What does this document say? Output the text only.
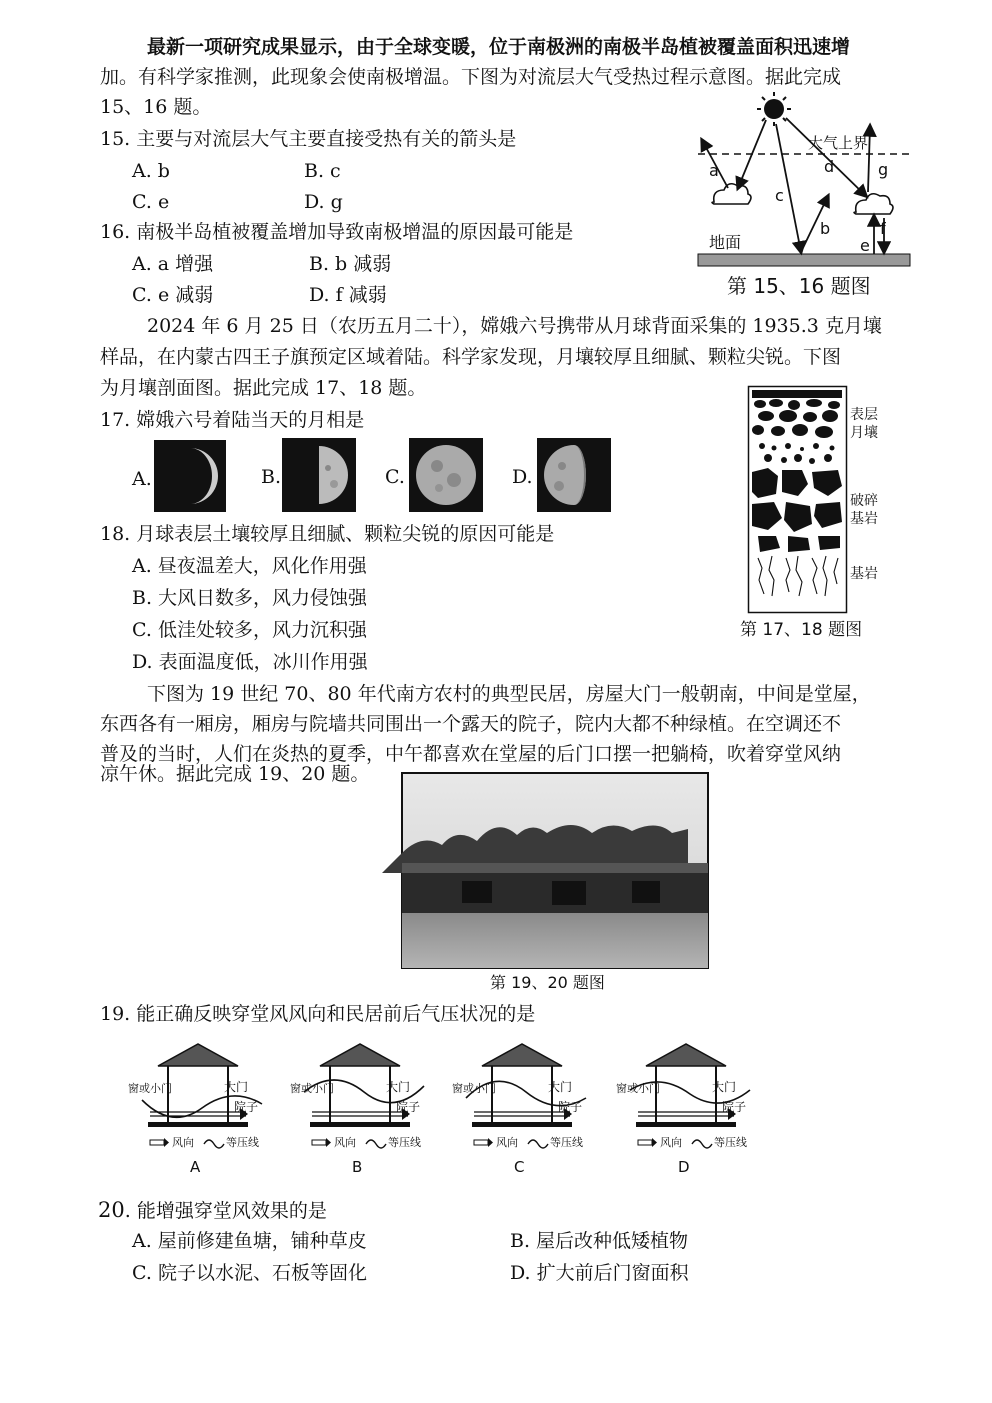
最新一项研究成果显示，由于全球变暖，位于南极洲的南极半岛植被覆盖面积迅速增
加。有科学家推测，此现象会使南极增温。下图为对流层大气受热过程示意图。据此完成
15、16 题。
15. 主要与对流层大气主要直接受热有关的箭头是
A. b	B. c
C. e	D. g
16. 南极半岛植被覆盖增加导致南极增温的原因最可能是
A. a 增强	B. b 减弱
C. e 减弱	D. f 减弱
大气上界
地面
a
b
c
d
e
f
g
第 15、16 题图
2024 年 6 月 25 日（农历五月二十），嫦娥六号携带从月球背面采集的 1935.3 克月壤
样品，在内蒙古四王子旗预定区域着陆。科学家发现，月壤较厚且细腻、颗粒尖锐。下图
为月壤剖面图。据此完成 17、18 题。
17. 嫦娥六号着陆当天的月相是
A.	B.	C.	D.
表层
月壤
破碎
基岩
基岩
第 17、18 题图
18. 月球表层土壤较厚且细腻、颗粒尖锐的原因可能是
A. 昼夜温差大，风化作用强
B. 大风日数多，风力侵蚀强
C. 低洼处较多，风力沉积强
D. 表面温度低，冰川作用强
下图为 19 世纪 70、80 年代南方农村的典型民居，房屋大门一般朝南，中间是堂屋，
东西各有一厢房，厢房与院墙共同围出一个露天的院子，院内大都不种绿植。在空调还不
普及的当时，人们在炎热的夏季，中午都喜欢在堂屋的后门口摆一把躺椅，吹着穿堂风纳
凉午休。据此完成 19、20 题。
第 19、20 题图
19. 能正确反映穿堂风风向和民居前后气压状况的是
窗或小门	大门
院子
风向	等压线
A
窗或小门	大门
院子
风向	等压线
B
窗或小门	大门
院子
风向	等压线
C
窗或小门	大门
院子
风向	等压线
D
20. 能增强穿堂风效果的是
A. 屋前修建鱼塘，铺种草皮	B. 屋后改种低矮植物
C. 院子以水泥、石板等固化	D. 扩大前后门窗面积
